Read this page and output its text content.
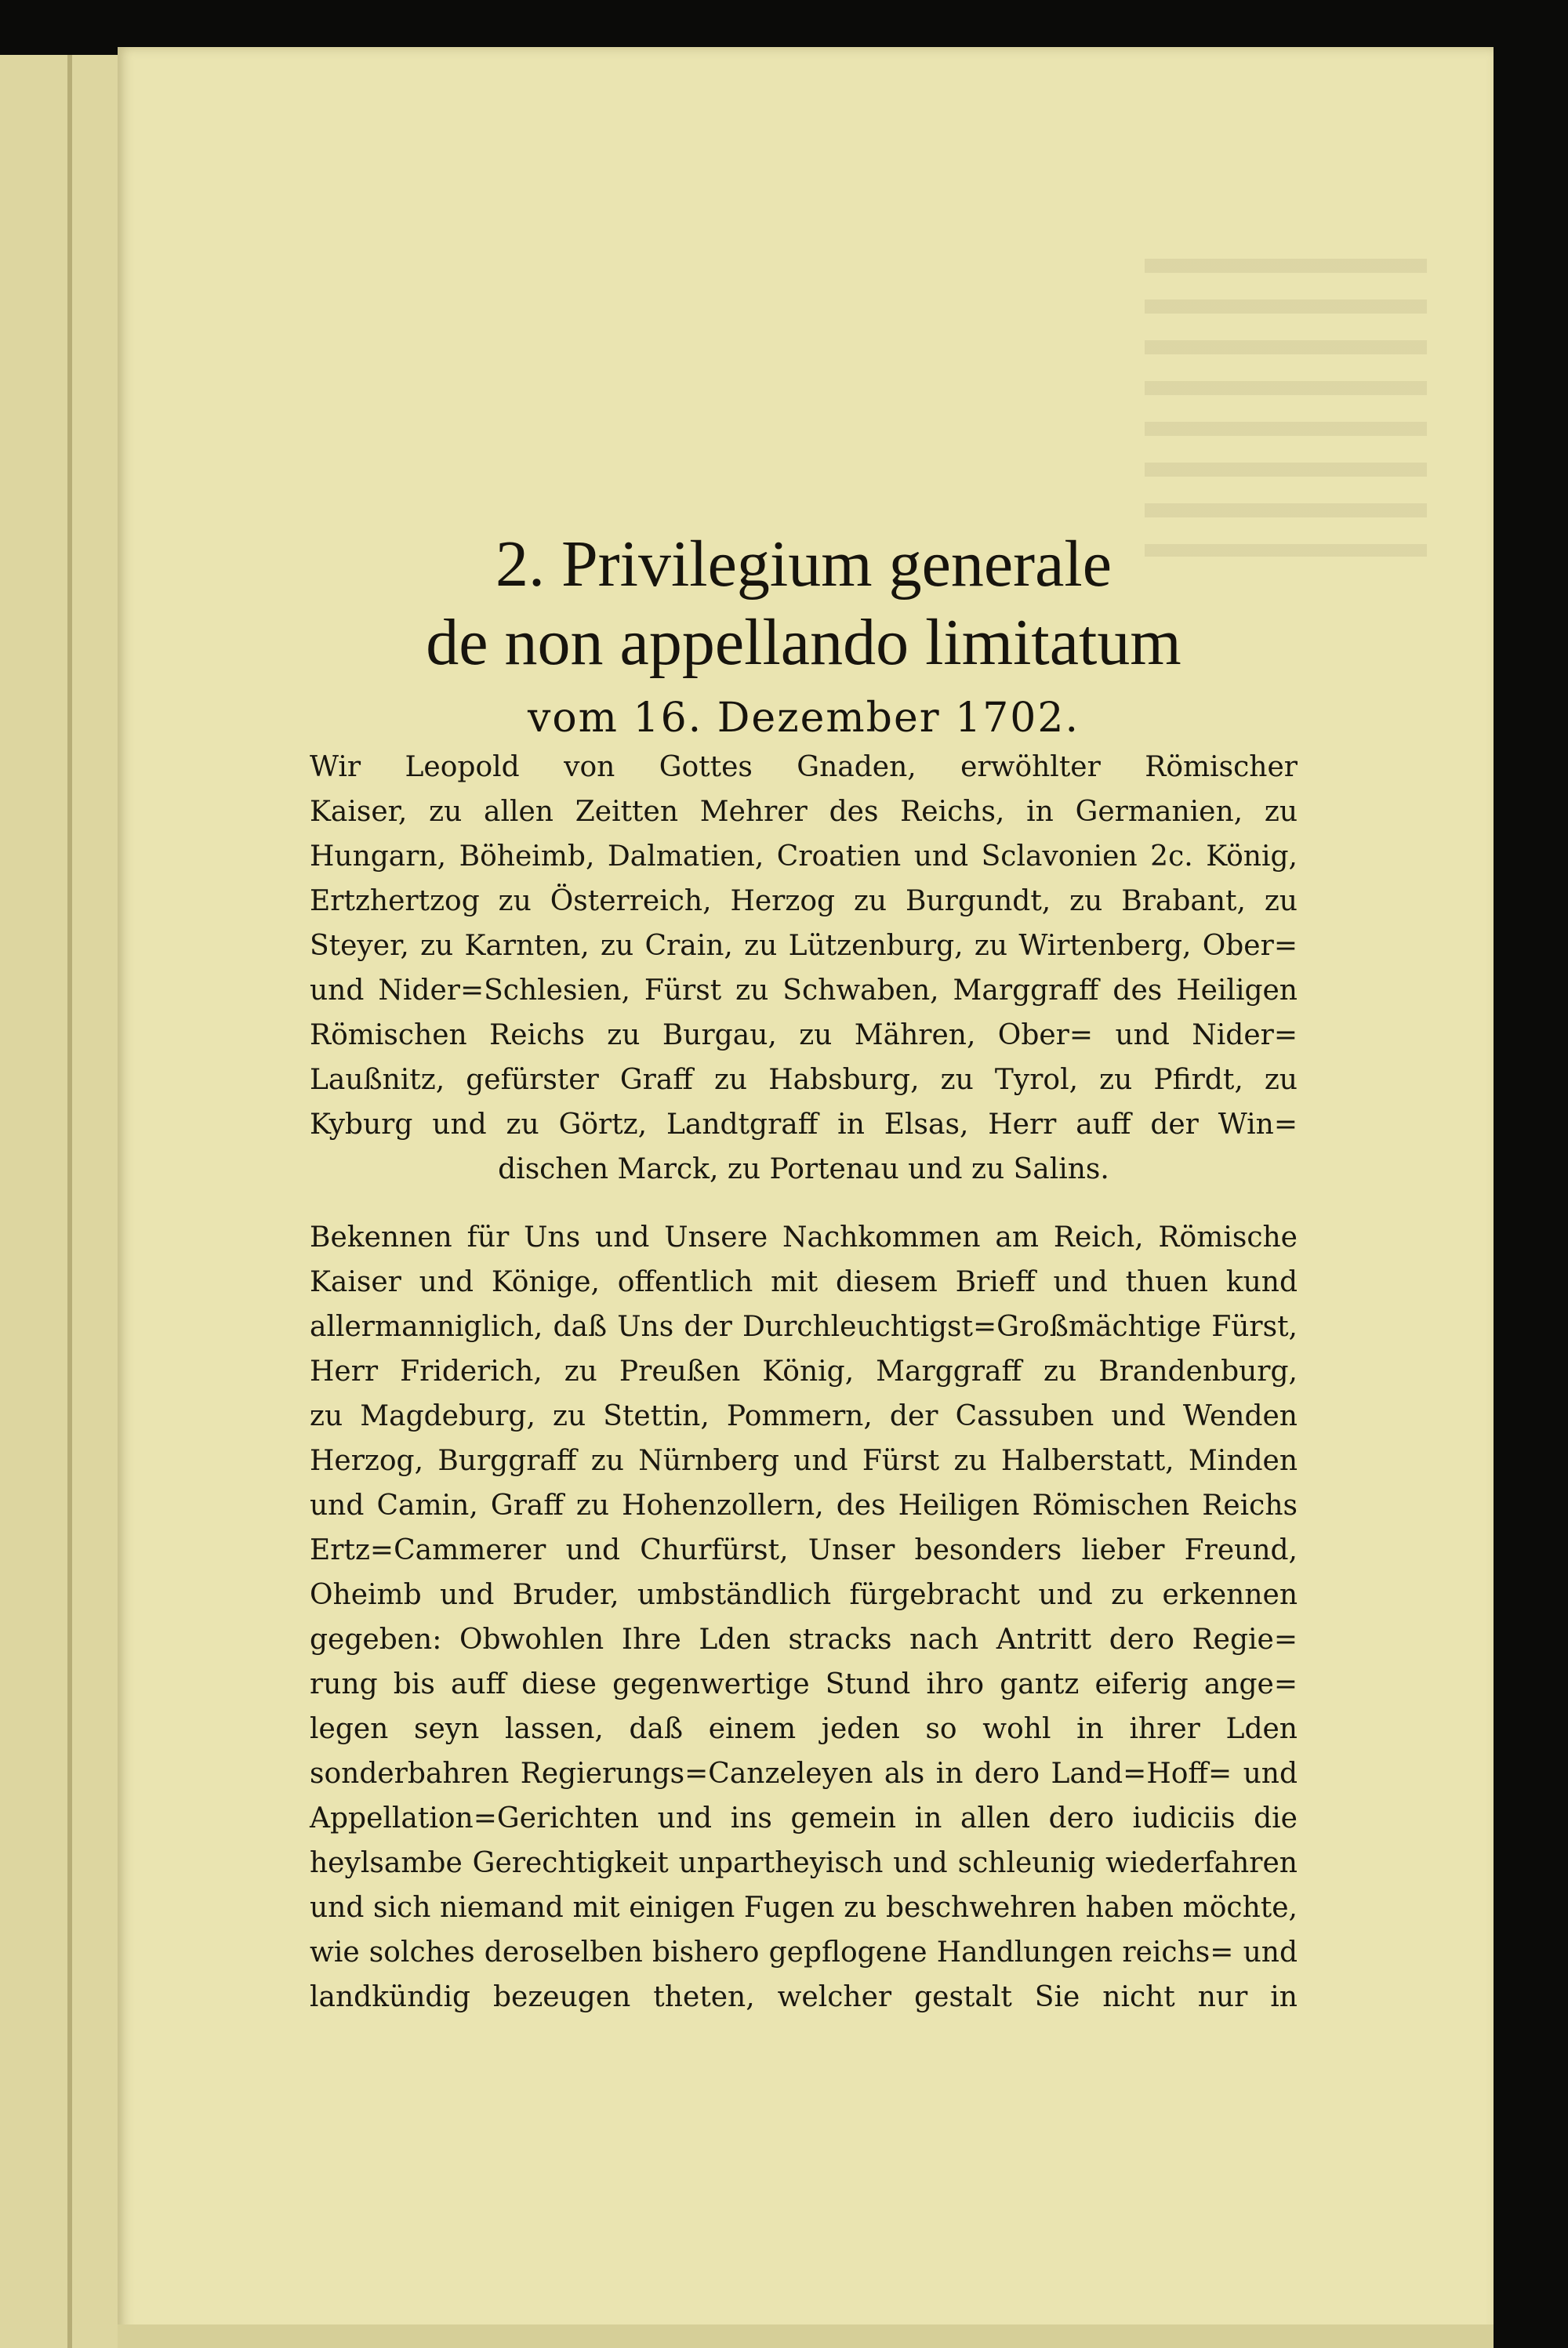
2. Privilegium generale
de non appellando limitatum
vom 16. Dezember 1702.
Wir Leopold von Gottes Gnaden, erwöhlter Römischer
Kaiser, zu allen Zeitten Mehrer des Reichs, in Germanien, zu
Hungarn, Böheimb, Dalmatien, Croatien und Sclavonien 2c. König,
Ertzhertzog zu Österreich, Herzog zu Burgundt, zu Brabant, zu
Steyer, zu Karnten, zu Crain, zu Lützenburg, zu Wirtenberg, Ober=
und Nider=Schlesien, Fürst zu Schwaben, Marggraff des Heiligen
Römischen Reichs zu Burgau, zu Mähren, Ober= und Nider=
Laußnitz, gefürster Graff zu Habsburg, zu Tyrol, zu Pfirdt, zu
Kyburg und zu Görtz, Landtgraff in Elsas, Herr auff der Win=
dischen Marck, zu Portenau und zu Salins.
Bekennen für Uns und Unsere Nachkommen am Reich, Römische
Kaiser und Könige, offentlich mit diesem Brieff und thuen kund
allermanniglich, daß Uns der Durchleuchtigst=Großmächtige Fürst,
Herr Friderich, zu Preußen König, Marggraff zu Brandenburg,
zu Magdeburg, zu Stettin, Pommern, der Cassuben und Wenden
Herzog, Burggraff zu Nürnberg und Fürst zu Halberstatt, Minden
und Camin, Graff zu Hohenzollern, des Heiligen Römischen Reichs
Ertz=Cammerer und Churfürst, Unser besonders lieber Freund,
Oheimb und Bruder, umbständlich fürgebracht und zu erkennen
gegeben: Obwohlen Ihre Lden stracks nach Antritt dero Regie=
rung bis auff diese gegenwertige Stund ihro gantz eiferig ange=
legen seyn lassen, daß einem jeden so wohl in ihrer Lden
sonderbahren Regierungs=Canzeleyen als in dero Land=Hoff= und
Appellation=Gerichten und ins gemein in allen dero iudiciis die
heylsambe Gerechtigkeit unpartheyisch und schleunig wiederfahren
und sich niemand mit einigen Fugen zu beschwehren haben möchte,
wie solches deroselben bishero gepflogene Handlungen reichs= und
landkündig bezeugen theten, welcher gestalt Sie nicht nur in
